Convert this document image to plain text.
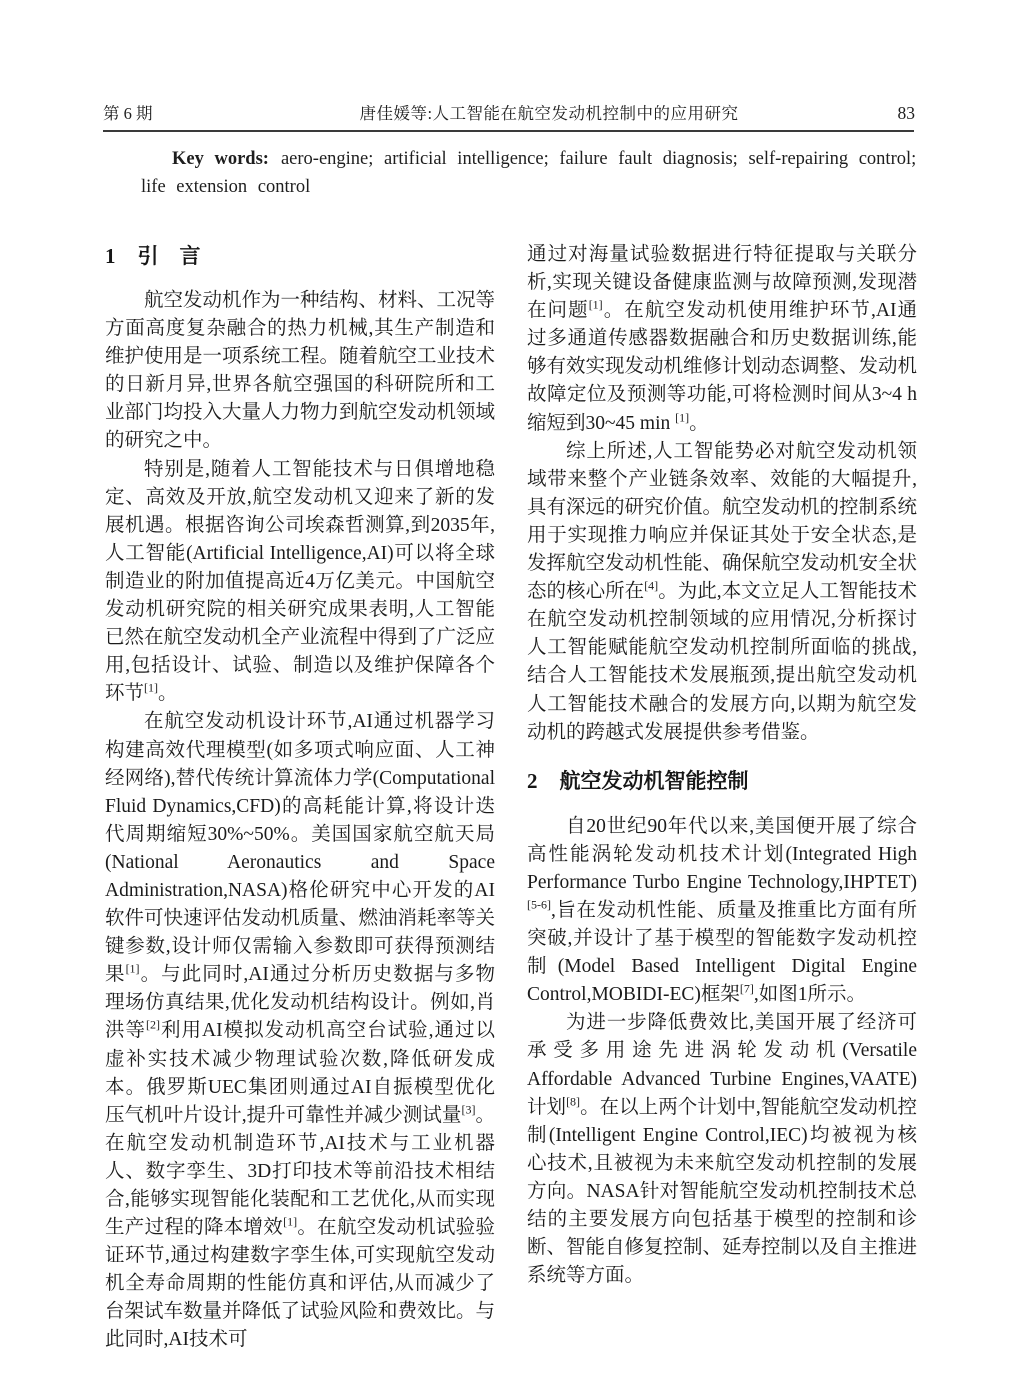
第 6 期	唐佳媛等:人工智能在航空发动机控制中的应用研究	83

Key words: aero-engine; artificial intelligence; failure fault diagnosis; self-repairing control; life extension control

1 引　言

航空发动机作为一种结构、材料、工况等方面高度复杂融合的热力机械,其生产制造和维护使用是一项系统工程。随着航空工业技术的日新月异,世界各航空强国的科研院所和工业部门均投入大量人力物力到航空发动机领域的研究之中。

特别是,随着人工智能技术与日俱增地稳定、高效及开放,航空发动机又迎来了新的发展机遇。根据咨询公司埃森哲测算,到2035年,人工智能(Artificial Intelligence,AI)可以将全球制造业的附加值提高近4万亿美元。中国航空发动机研究院的相关研究成果表明,人工智能已然在航空发动机全产业流程中得到了广泛应用,包括设计、试验、制造以及维护保障各个环节[1]。

在航空发动机设计环节,AI通过机器学习构建高效代理模型(如多项式响应面、人工神经网络),替代传统计算流体力学(Computational Fluid Dynamics,CFD)的高耗能计算,将设计迭代周期缩短30%~50%。美国国家航空航天局(National Aeronautics and Space Administration,NASA)格伦研究中心开发的AI软件可快速评估发动机质量、燃油消耗率等关键参数,设计师仅需输入参数即可获得预测结果[1]。与此同时,AI通过分析历史数据与多物理场仿真结果,优化发动机结构设计。例如,肖洪等[2]利用AI模拟发动机高空台试验,通过以虚补实技术减少物理试验次数,降低研发成本。俄罗斯UEC集团则通过AI自振模型优化压气机叶片设计,提升可靠性并减少测试量[3]。在航空发动机制造环节,AI技术与工业机器人、数字孪生、3D打印技术等前沿技术相结合,能够实现智能化装配和工艺优化,从而实现生产过程的降本增效[1]。在航空发动机试验验证环节,通过构建数字孪生体,可实现航空发动机全寿命周期的性能仿真和评估,从而减少了台架试车数量并降低了试验风险和费效比。与此同时,AI技术可

通过对海量试验数据进行特征提取与关联分析,实现关键设备健康监测与故障预测,发现潜在问题[1]。在航空发动机使用维护环节,AI通过多通道传感器数据融合和历史数据训练,能够有效实现发动机维修计划动态调整、发动机故障定位及预测等功能,可将检测时间从3~4 h缩短到30~45 min [1]。

综上所述,人工智能势必对航空发动机领域带来整个产业链条效率、效能的大幅提升,具有深远的研究价值。航空发动机的控制系统用于实现推力响应并保证其处于安全状态,是发挥航空发动机性能、确保航空发动机安全状态的核心所在[4]。为此,本文立足人工智能技术在航空发动机控制领域的应用情况,分析探讨人工智能赋能航空发动机控制所面临的挑战,结合人工智能技术发展瓶颈,提出航空发动机人工智能技术融合的发展方向,以期为航空发动机的跨越式发展提供参考借鉴。

2 航空发动机智能控制

自20世纪90年代以来,美国便开展了综合高性能涡轮发动机技术计划(Integrated High Performance Turbo Engine Technology,IHPTET)[5-6],旨在发动机性能、质量及推重比方面有所突破,并设计了基于模型的智能数字发动机控制(Model Based Intelligent Digital Engine Control,MOBIDI-EC)框架[7],如图1所示。

为进一步降低费效比,美国开展了经济可承受多用途先进涡轮发动机(Versatile Affordable Advanced Turbine Engines,VAATE)计划[8]。在以上两个计划中,智能航空发动机控制(Intelligent Engine Control,IEC)均被视为核心技术,且被视为未来航空发动机控制的发展方向。NASA针对智能航空发动机控制技术总结的主要发展方向包括基于模型的控制和诊断、智能自修复控制、延寿控制以及自主推进系统等方面。
